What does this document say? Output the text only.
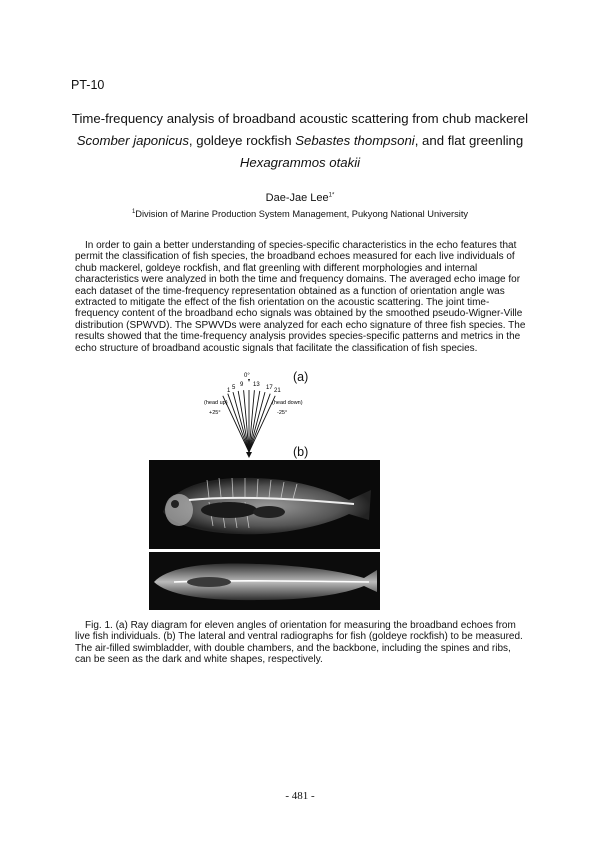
PT-10
Time-frequency analysis of broadband acoustic scattering from chub mackerel
Scomber japonicus, goldeye rockfish Sebastes thompsoni, and flat greenling
Hexagrammos otakii
Dae-Jae Lee$^{1*}$
$^1$Division of Marine Production System Management, Pukyong National University

In order to gain a better understanding of species-specific characteristics in the echo features that permit the classification of fish species, the broadband echoes measured for each live individuals of chub mackerel, goldeye rockfish, and flat greenling with different morphologies and internal characteristics were analyzed in both the time and frequency domains. The averaged echo image for each dataset of the time-frequency representation obtained as a function of orientation angle was extracted to mitigate the effect of the fish orientation on the acoustic scattering. The joint time-frequency content of the broadband echo signals was obtained by the smoothed pseudo-Wigner-Ville distribution (SPWVD). The SPWVDs were analyzed for each echo signature of three fish species. The results showed that the time-frequency analysis provides species-specific patterns and metrics in the echo structure of broadband acoustic signals that facilitate the classification of fish species.

0°
1 5 9 13 17 21
(head up)
+25°
(head down)
-25°
(a)
(b)

Fig. 1. (a) Ray diagram for eleven angles of orientation for measuring the broadband echoes from live fish individuals. (b) The lateral and ventral radiographs for fish (goldeye rockfish) to be measured. The air-filled swimbladder, with double chambers, and the backbone, including the spines and ribs, can be seen as the dark and white shapes, respectively.

- 481 -
